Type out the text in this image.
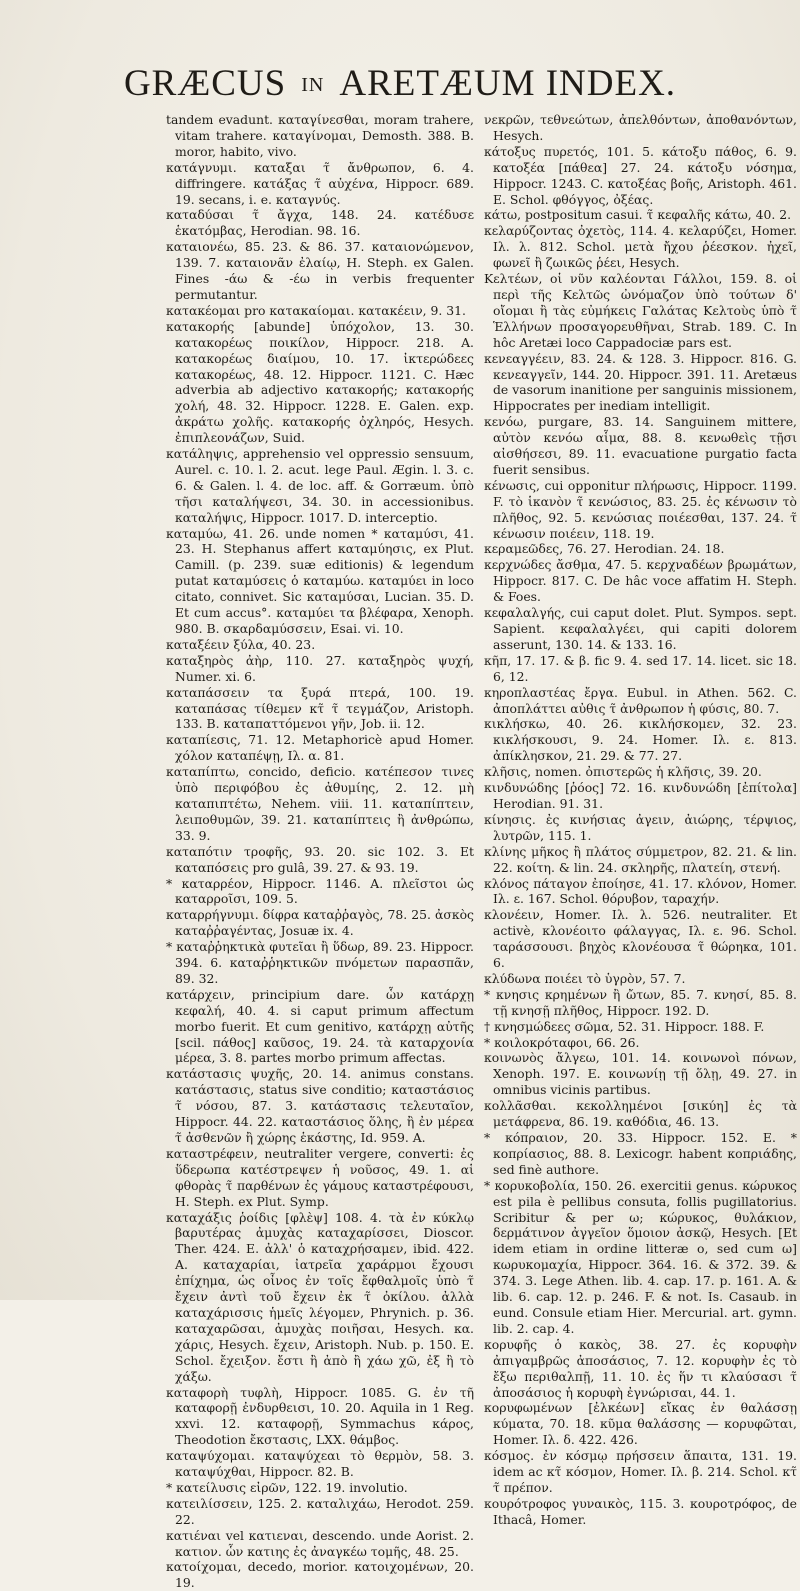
GRÆCUS IN ARETÆUM INDEX.

tandem evadunt. καταγίνεσθαι, moram trahere, vitam trahere. καταγίνομαι, Demosth. 388. B. moror, habito, vivo.

κατάγνυμι. καταξαι τ̃ ἄνθρωπον, 6. 4. diffringere. κατάξας τ̃ αὐχένα, Hippocr. 689. 19. secans, i. e. καταγνύς.

καταδύσαι τ̃ ἄγχα, 148. 24. κατέδυσε ἑκατόμβας, Herodian. 98. 16.

καταιονέω, 85. 23. & 86. 37. καταιονώμενον, 139. 7. καταιονᾶν ἐλαίῳ, H. Steph. ex Galen. Fines -άω & -έω in verbis frequenter permutantur.

κατακέομαι pro κατακαίομαι. κατακέειν, 9. 31.

κατακορής [abunde] ὑπόχολον, 13. 30. κατακορέως ποικίλον, Hippocr. 218. A. κατακορέως διαίμου, 10. 17. ἰκτερώδεες κατακορέως, 48. 12. Hippocr. 1121. C. Hæc adverbia ab adjectivo κατακορής; κατακορής χολή, 48. 32. Hippocr. 1228. E. Galen. exp. ἀκράτω χολῆς. κατακορής ὀχληρός, Hesych. ἐπιπλεονάζων, Suid.

κατάληψις, apprehensio vel oppressio sensuum, Aurel. c. 10. l. 2. acut. lege Paul. Ægin. l. 3. c. 6. & Galen. l. 4. de loc. aff. & Gorræum. ὑπὸ τῆσι καταλήψεσι, 34. 30. in accessionibus. καταλήψις, Hippocr. 1017. D. interceptio.

καταμύω, 41. 26. unde nomen * καταμύσι, 41. 23. H. Stephanus affert καταμύησις, ex Plut. Camill. (p. 239. suæ editionis) & legendum putat καταμύσεις ὁ καταμύω. καταμύει in loco citato, connivet. Sic καταμύσαι, Lucian. 35. D. Et cum accus°. καταμύει τα βλέφαρα, Xenoph. 980. B. σκαρδαμύσσειν, Esai. vi. 10.

καταξέειν ξύλα, 40. 23.

καταξηρὸς ἀὴρ, 110. 27. καταξηρὸς ψυχή, Numer. xi. 6.

καταπάσσειν τα ξυρά πτερά, 100. 19. καταπάσας τίθεμεν κτ̃ τ̃ τεγμάζον, Aristoph. 133. B. καταπαττόμενοι γῆν, Job. ii. 12.

καταπίεσις, 71. 12. Metaphoricè apud Homer. χόλον καταπέψῃ, Iλ. α. 81.

καταπίπτω, concido, deficio. κατέπεσον τινες ὑπὸ περιφόβου ἐς ἀθυμίης, 2. 12. μὴ καταπιπτέτω, Nehem. viii. 11. καταπίπτειν, λειποθυμῶν, 39. 21. καταπίπτεις ἢ ἀνθρώπω, 33. 9.

καταπότιν τροφῆς, 93. 20. sic 102. 3. Et καταπόσεις pro gulâ, 39. 27. & 93. 19.

* καταρρέον, Hippocr. 1146. A. πλεῖστοι ὡς καταρροῖσι, 109. 5.

καταρρήγνυμι. δίφρα καταῤῥαγὸς, 78. 25. ἀσκὸς καταῤῥαγέντας, Josuæ ix. 4.

* καταῤῥηκτικὰ φυτεῖαι ἢ ὕδωρ, 89. 23. Hippocr. 394. 6. καταῤῥηκτικῶν πνόμετων παρασπᾶν, 89. 32.

κατάρχειν, principium dare. ὧν κατάρχῃ κεφαλή, 40. 4. si caput primum affectum morbo fuerit. Et cum genitivo, κατάρχῃ αὐτῆς [scil. πάθος] καῦσος, 19. 24. τὰ καταρχονία μέρεα, 3. 8. partes morbo primum affectas.

κατάστασις ψυχῆς, 20. 14. animus constans. κατάστασις, status sive conditio; καταστάσιος τ̃ νόσου, 87. 3. κατάστασις τελευταῖον, Hippocr. 44. 22. καταστάσιος ὅλης, ἢ ἐν μέρεα τ̃ ἀσθενῶν ἢ χώρης ἑκάστης, Id. 959. A.

καταστρέφειν, neutraliter vergere, converti: ἐς ὕδερωπα κατέστρεψεν ἡ νοῦσος, 49. 1. αἱ φθορὰς τ̃ παρθένων ἐς γάμους καταστρέφουσι, H. Steph. ex Plut. Symp.

καταχάξις ῥοίδις [φλὲψ] 108. 4. τὰ ἐν κύκλῳ βαρυτέρας ἀμυχὰς καταχαρίσσει, Dioscor. Ther. 424. E. ἀλλ' ὁ καταχρήσαμεν, ibid. 422. A. καταχαρίαι, ἰατρεῖα χαράρμοι ἔχουσι ἐπίχημα, ὡς οἶνος ἐν τοῖς ἔφθαλμοῖς ὑπὸ τ̃ ἔχειν ἀντὶ τοῦ ἔχειν ἐκ τ̃ ὀκίλου. ἀλλὰ καταχάρισσις ἡμεῖς λέγομεν, Phrynich. p. 36. καταχαρῶσαι, ἀμυχὰς ποιῆσαι, Hesych. κα. χάρις, Hesych. ἔχειν, Aristoph. Nub. p. 150. E. Schol. ἔχειξον. ἔστι ἢ ἀπὸ ἢ χάω χῶ, ἐξ ἢ τὸ χάξω.

καταφορὴ τυφλὴ, Hippocr. 1085. G. ἐν τῆ καταφορῇ ἐνδυρθεισι, 10. 20. Aquila in 1 Reg. xxvi. 12. καταφορῇ, Symmachus κάρος, Theodotion ἔκστασις, LXX. θάμβος.

καταψύχομαι. καταψύχεαι τὸ θερμὸν, 58. 3. καταψύχθαι, Hippocr. 82. B.

* κατείλυσις εἰρῶν, 122. 19. involutio.

κατειλίσσειν, 125. 2. καταλιχάω, Herodot. 259. 22.

κατιέναι vel κατιεναι, descendo. unde Aorist. 2. κατιον. ὧν κατιης ἐς ἀναγκέω τομῆς, 48. 25.

κατοίχομαι, decedo, morior. κατοιχομένων, 20. 19.

νεκρῶν, τεθνεώτων, ἀπελθόντων, ἀποθανόντων, Hesych.

κάτοξυς πυρετός, 101. 5. κάτοξυ πάθος, 6. 9. κατοξέα [πάθεα] 27. 24. κάτοξυ νόσημα, Hippocr. 1243. C. κατοξέας βοῆς, Aristoph. 461. E. Schol. φθόγγος, ὀξέας.

κάτω, postpositum casui. τ̃ κεφαλῆς κάτω, 40. 2.

κελαρύζοντας ὀχετὸς, 114. 4. κελαρύζει, Homer. Iλ. λ. 812. Schol. μετὰ ἤχου ῥέεσκον. ἠχεῖ, φωνεῖ ἢ ζωικῶς ῥέει, Hesych.

Κελτέων, οἱ νῦν καλέονται Γάλλοι, 159. 8. οἱ περὶ τῆς Κελτῶς ὠνόμαζον ὑπὸ τούτων δ' οἴομαι ἢ τὰς εὐμήκεις Γαλάτας Κελτοὺς ὑπὸ τ̃ Ἑλλήνων προσαγορευθῆναι, Strab. 189. C. In hôc Aretæi loco Cappadociæ pars est.

κενεαγγέειν, 83. 24. & 128. 3. Hippocr. 816. G. κενεαγγεῖν, 144. 20. Hippocr. 391. 11. Aretæus de vasorum inanitione per sanguinis missionem, Hippocrates per inediam intelligit.

κενόω, purgare, 83. 14. Sanguinem mittere, αὐτὸν κενόω αἷμα, 88. 8. κενωθεὶς τῇσι αἰσθήσεσι, 89. 11. evacuatione purgatio facta fuerit sensibus.

κένωσις, cui opponitur πλήρωσις, Hippocr. 1199. F. τὸ ἱκανὸν τ̃ κενώσιος, 83. 25. ἐς κένωσιν τὸ πλῆθος, 92. 5. κενώσιας ποιέεσθαι, 137. 24. τ̃ κένωσιν ποιέειν, 118. 19.

κεραμεῶδες, 76. 27. Herodian. 24. 18.

κερχνώδες ἄσθμα, 47. 5. κερχναδέων βρωμάτων, Hippocr. 817. C. De hâc voce affatim H. Steph. & Foes.

κεφαλαλγής, cui caput dolet. Plut. Sympos. sept. Sapient. κεφαλαλγέει, qui capiti dolorem asserunt, 130. 14. & 133. 16.

κῆπ, 17. 17. & β. fic 9. 4. sed 17. 14. licet. sic 18. 6, 12.

κηροπλαστέας ἔργα. Eubul. in Athen. 562. C. ἀποπλάττει αὐθις τ̃ ἀνθρωπον ἡ φύσις, 80. 7.

κικλήσκω, 40. 26. κικλήσκομεν, 32. 23. κικλήσκουσι, 9. 24. Homer. Iλ. ε. 813. ἀπίκλησκον, 21. 29. & 77. 27.

κλῆσις, nomen. ὀπιστερῶς ἡ κλῆσις, 39. 20.

κινδυνώδης [ῥόος] 72. 16. κινδυνώδη [ἐπίτολα] Herodian. 91. 31.

κίνησις. ἐς κινήσιας ἀγειν, ἀιώρης, τέρψιος, λυτρῶν, 115. 1.

κλίνης μῆκος ἢ πλάτος σύμμετρον, 82. 21. & lin. 22. κοίτη. & lin. 24. σκληρῆς, πλατείη, στενή.

κλόνος πάταγον ἐποίησε, 41. 17. κλόνον, Homer. Iλ. ε. 167. Schol. θόρυβον, ταραχήν.

κλονέειν, Homer. Iλ. λ. 526. neutraliter. Et activè, κλονέοιτο φάλαγγας, Iλ. ε. 96. Schol. ταράσσουσι. βηχὸς κλονέουσα τ̃ θώρηκα, 101. 6.

κλύδωνα ποιέει τὸ ὑγρὸν, 57. 7.

* κνησις κρημένων ἢ ὤτων, 85. 7. κνησί, 85. 8. τῇ κνησῇ πλῆθος, Hippocr. 192. D.

† κνησμώδεες σῶμα, 52. 31. Hippocr. 188. F.

* κοιλοκρόταφοι, 66. 26.

κοινωνὸς ἄλγεω, 101. 14. κοινωνοὶ πόνων, Xenoph. 197. E. κοινωνίῃ τῇ ὅλῃ, 49. 27. in omnibus vicinis partibus.

κολλᾶσθαι. κεκολλημένοι [σικύη] ἐς τὰ μετάφρενα, 86. 19. καθόδια, 46. 13.

* κόπραιον, 20. 33. Hippocr. 152. E. * κοπρίασιος, 88. 8. Lexicogr. habent κοπριάδης, sed finè authore.

* κορυκοβολία, 150. 26. exercitii genus. κώρυκος est pila è pellibus consuta, follis pugillatorius. Scribitur & per ω; κώρυκος, θυλάκιον, δερμάτινον ἀγγεῖον ὅμοιον ἀσκῷ, Hesych. [Et idem etiam in ordine litteræ ο, sed cum ω] κωρυκομαχία, Hippocr. 364. 16. & 372. 39. & 374. 3. Lege Athen. lib. 4. cap. 17. p. 161. A. & lib. 6. cap. 12. p. 246. F. & not. Is. Casaub. in eund. Consule etiam Hier. Mercurial. art. gymn. lib. 2. cap. 4.

κορυφῆς ὁ κακὸς, 38. 27. ἐς κορυφὴν ἀπιγαμβρῶς ἀποσάσιος, 7. 12. κορυφὴν ἐς τὸ ἔξω περιθαλπῇ, 11. 10. ἐς ἥν τι κλαύσασι τ̃ ἀποσάσιος ἡ κορυφὴ ἐγνώρισαι, 44. 1.

κορυφωμένων [ἐλκέων] εἴκας ἐν θαλάσσῃ κύματα, 70. 18. κῦμα θαλάσσης — κορυφῶται, Homer. Iλ. δ. 422. 426.

κόσμος. ἐν κόσμῳ πρήσσειν ἅπαιτα, 131. 19. idem ac κτ̃ κόσμον, Homer. Iλ. β. 214. Schol. κτ̃ τ̃ πρέπον.

κουρότροφος γυναικὸς, 115. 3. κουροτρόφος, de Ithacâ, Homer.
